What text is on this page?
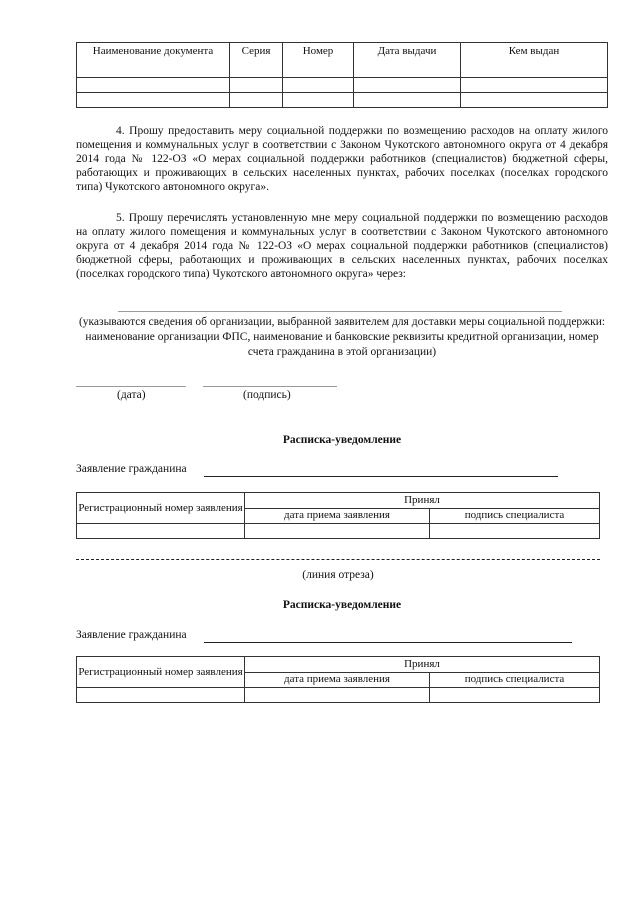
Наименование документа	Серия	Номер	Дата выдачи	Кем выдан

4. Прошу предоставить меру социальной поддержки по возмещению расходов на оплату жилого помещения и коммунальных услуг в соответствии с Законом Чукотского автономного округа от 4 декабря 2014 года № 122-ОЗ «О мерах социальной поддержки работников (специалистов) бюджетной сферы, работающих и проживающих в сельских населенных пунктах, рабочих поселках (поселках городского типа) Чукотского автономного округа».

5. Прошу перечислять установленную мне меру социальной поддержки по возмещению расходов на оплату жилого помещения и коммунальных услуг в соответствии с Законом Чукотского автономного округа от 4 декабря 2014 года № 122-ОЗ «О мерах социальной поддержки работников (специалистов) бюджетной сферы, работающих и проживающих в сельских населенных пунктах, рабочих поселках (поселках городского типа) Чукотского автономного округа» через:

(указываются сведения об организации, выбранной заявителем для доставки меры социальной поддержки: наименование организации ФПС, наименование и банковские реквизиты кредитной организации, номер счета гражданина в этой организации)
(дата)	(подпись)
Расписка-уведомление
Заявление гражданина
Регистрационный номер заявления	Принял	
	дата приема заявления	подпись специалиста

(линия отреза)
Расписка-уведомление
Заявление гражданина
Регистрационный номер заявления	Принял	
	дата приема заявления	подпись специалиста
